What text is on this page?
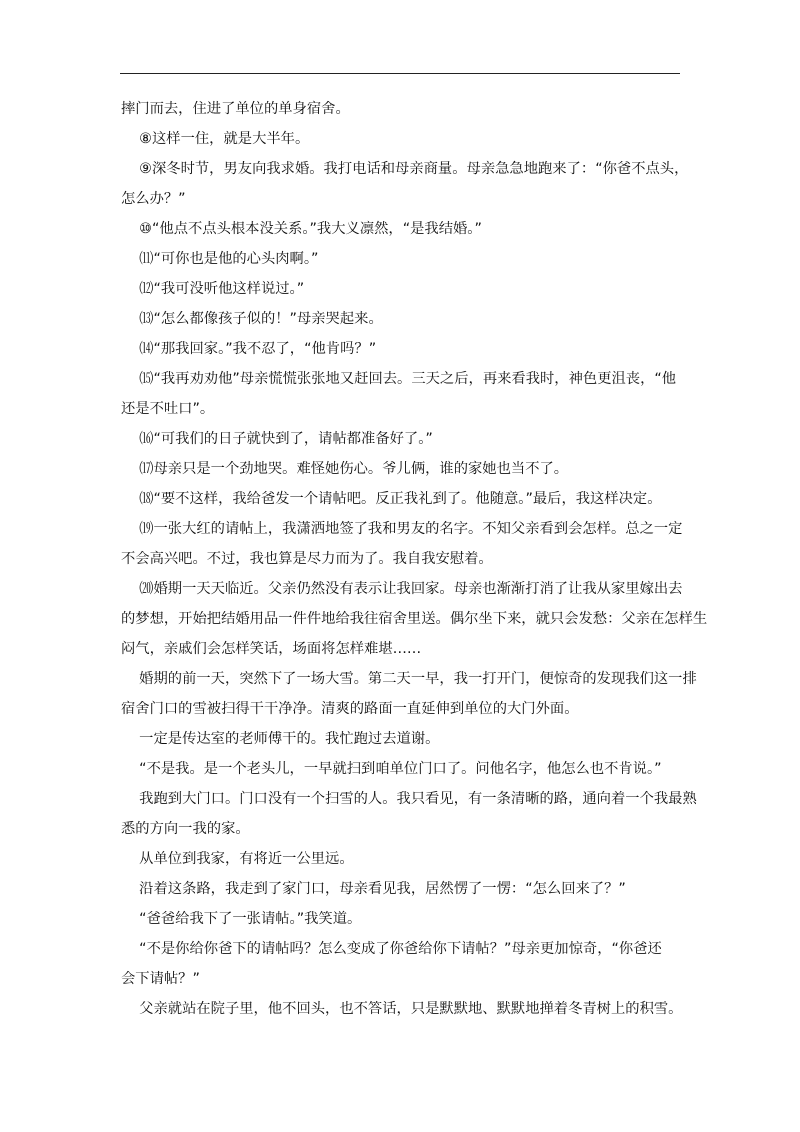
摔门而去，住进了单位的单身宿舍。

⑧这样一住，就是大半年。

⑨深冬时节，男友向我求婚。我打电话和母亲商量。母亲急急地跑来了：“你爸不点头，

怎么办？”

⑩“他点不点头根本没关系。”我大义凛然，“是我结婚。”

⑾“可你也是他的心头肉啊。”

⑿“我可没听他这样说过。”

⒀“怎么都像孩子似的！”母亲哭起来。

⒁“那我回家。”我不忍了，“他肯吗？”

⒂“我再劝劝他”母亲慌慌张张地又赶回去。三天之后，再来看我时，神色更沮丧，“他

还是不吐口”。

⒃“可我们的日子就快到了，请帖都准备好了。”

⒄母亲只是一个劲地哭。难怪她伤心。爷儿俩，谁的家她也当不了。

⒅“要不这样，我给爸发一个请帖吧。反正我礼到了。他随意。”最后，我这样决定。

⒆一张大红的请帖上，我潇洒地签了我和男友的名字。不知父亲看到会怎样。总之一定

不会高兴吧。不过，我也算是尽力而为了。我自我安慰着。

⒇婚期一天天临近。父亲仍然没有表示让我回家。母亲也渐渐打消了让我从家里嫁出去

的梦想，开始把结婚用品一件件地给我往宿舍里送。偶尔坐下来，就只会发愁：父亲在怎样生

闷气，亲戚们会怎样笑话，场面将怎样难堪……

婚期的前一天，突然下了一场大雪。第二天一早，我一打开门，便惊奇的发现我们这一排

宿舍门口的雪被扫得干干净净。清爽的路面一直延伸到单位的大门外面。

一定是传达室的老师傅干的。我忙跑过去道谢。

“不是我。是一个老头儿，一早就扫到咱单位门口了。问他名字，他怎么也不肯说。”

我跑到大门口。门口没有一个扫雪的人。我只看见，有一条清晰的路，通向着一个我最熟

悉的方向一我的家。

从单位到我家，有将近一公里远。

沿着这条路，我走到了家门口，母亲看见我，居然愣了一愣：“怎么回来了？”

“爸爸给我下了一张请帖。”我笑道。

“不是你给你爸下的请帖吗？怎么变成了你爸给你下请帖？”母亲更加惊奇，“你爸还

会下请帖？”

父亲就站在院子里，他不回头，也不答话，只是默默地、默默地掸着冬青树上的积雪。
